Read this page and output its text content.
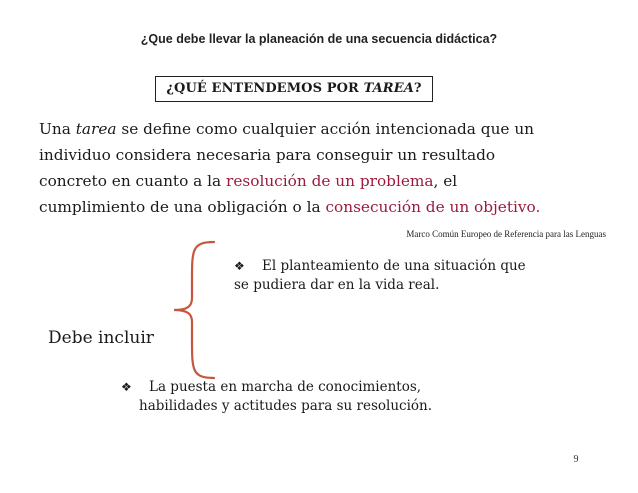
¿Que debe llevar la planeación de una secuencia didáctica?
¿QUÉ ENTENDEMOS POR TAREA?
Una tarea se define como cualquier acción intencionada que un
individuo considera necesaria para conseguir un resultado
concreto en cuanto a la resolución de un problema, el
cumplimiento de una obligación o la consecución de un objetivo.
Marco Común Europeo de Referencia para las Lenguas
Debe incluir
❖ El planteamiento de una situación que
se pudiera dar en la vida real.
❖ La puesta en marcha de conocimientos,
habilidades y actitudes para su resolución.
9
